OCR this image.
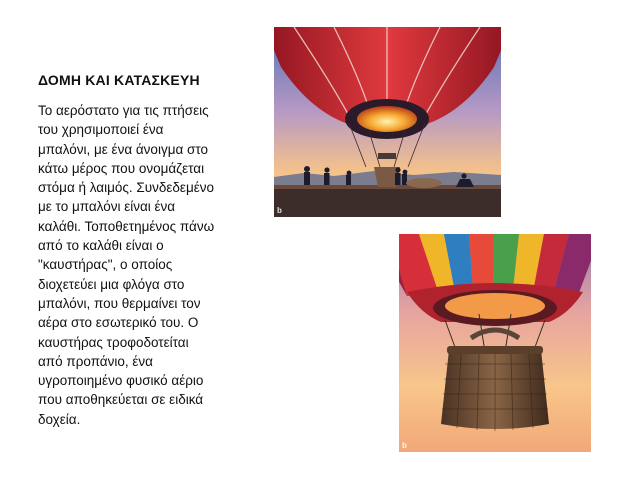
ΔΟΜΗ ΚΑΙ ΚΑΤΑΣΚΕΥΗ
Το αερόστατο για τις πτήσεις
του χρησιμοποιεί ένα
μπαλόνι, με ένα άνοιγμα στο
κάτω μέρος που ονομάζεται
στόμα ή λαιμός. Συνδεδεμένο
με το μπαλόνι είναι ένα
καλάθι. Τοποθετημένος πάνω
από το καλάθι είναι ο
"καυστήρας", ο οποίος
διοχετεύει μια φλόγα στο
μπαλόνι, που θερμαίνει τον
αέρα στο εσωτερικό του. Ο
καυστήρας τροφοδοτείται
από προπάνιο, ένα
υγροποιημένο φυσικό αέριο
που αποθηκεύεται σε ειδικά
δοχεία.
b
b
